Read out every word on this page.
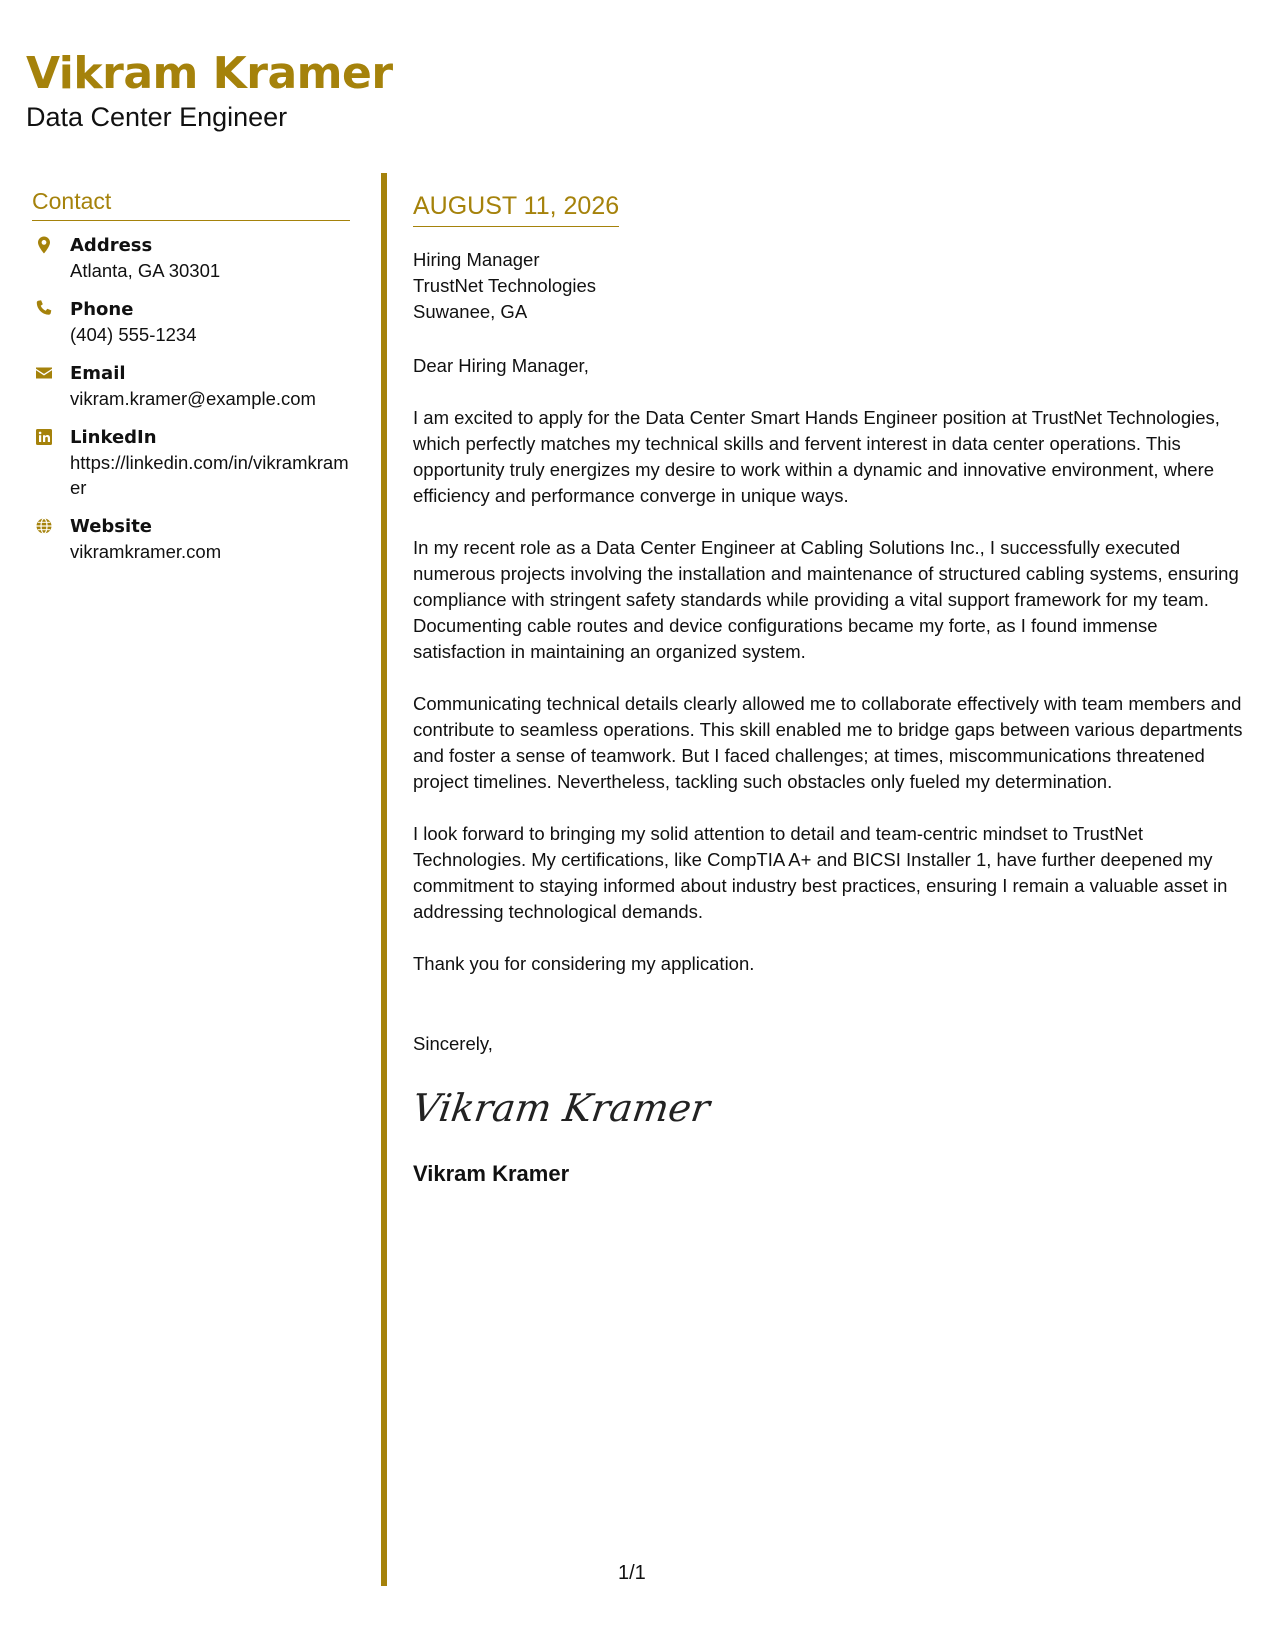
Vikram Kramer
Data Center Engineer
Contact
Address
Atlanta, GA 30301
Phone
(404) 555-1234
Email
vikram.kramer@example.com
LinkedIn
https://linkedin.com/in/vikramkramer
Website
vikramkramer.com
AUGUST 11, 2026
Hiring Manager
TrustNet Technologies
Suwanee, GA
Dear Hiring Manager,
I am excited to apply for the Data Center Smart Hands Engineer position at TrustNet Technologies, which perfectly matches my technical skills and fervent interest in data center operations. This opportunity truly energizes my desire to work within a dynamic and innovative environment, where efficiency and performance converge in unique ways.
In my recent role as a Data Center Engineer at Cabling Solutions Inc., I successfully executed numerous projects involving the installation and maintenance of structured cabling systems, ensuring compliance with stringent safety standards while providing a vital support framework for my team. Documenting cable routes and device configurations became my forte, as I found immense satisfaction in maintaining an organized system.
Communicating technical details clearly allowed me to collaborate effectively with team members and contribute to seamless operations. This skill enabled me to bridge gaps between various departments and foster a sense of teamwork. But I faced challenges; at times, miscommunications threatened project timelines. Nevertheless, tackling such obstacles only fueled my determination.
I look forward to bringing my solid attention to detail and team-centric mindset to TrustNet Technologies. My certifications, like CompTIA A+ and BICSI Installer 1, have further deepened my commitment to staying informed about industry best practices, ensuring I remain a valuable asset in addressing technological demands.
Thank you for considering my application.
Sincerely,
Vikram Kramer
Vikram Kramer
1/1
